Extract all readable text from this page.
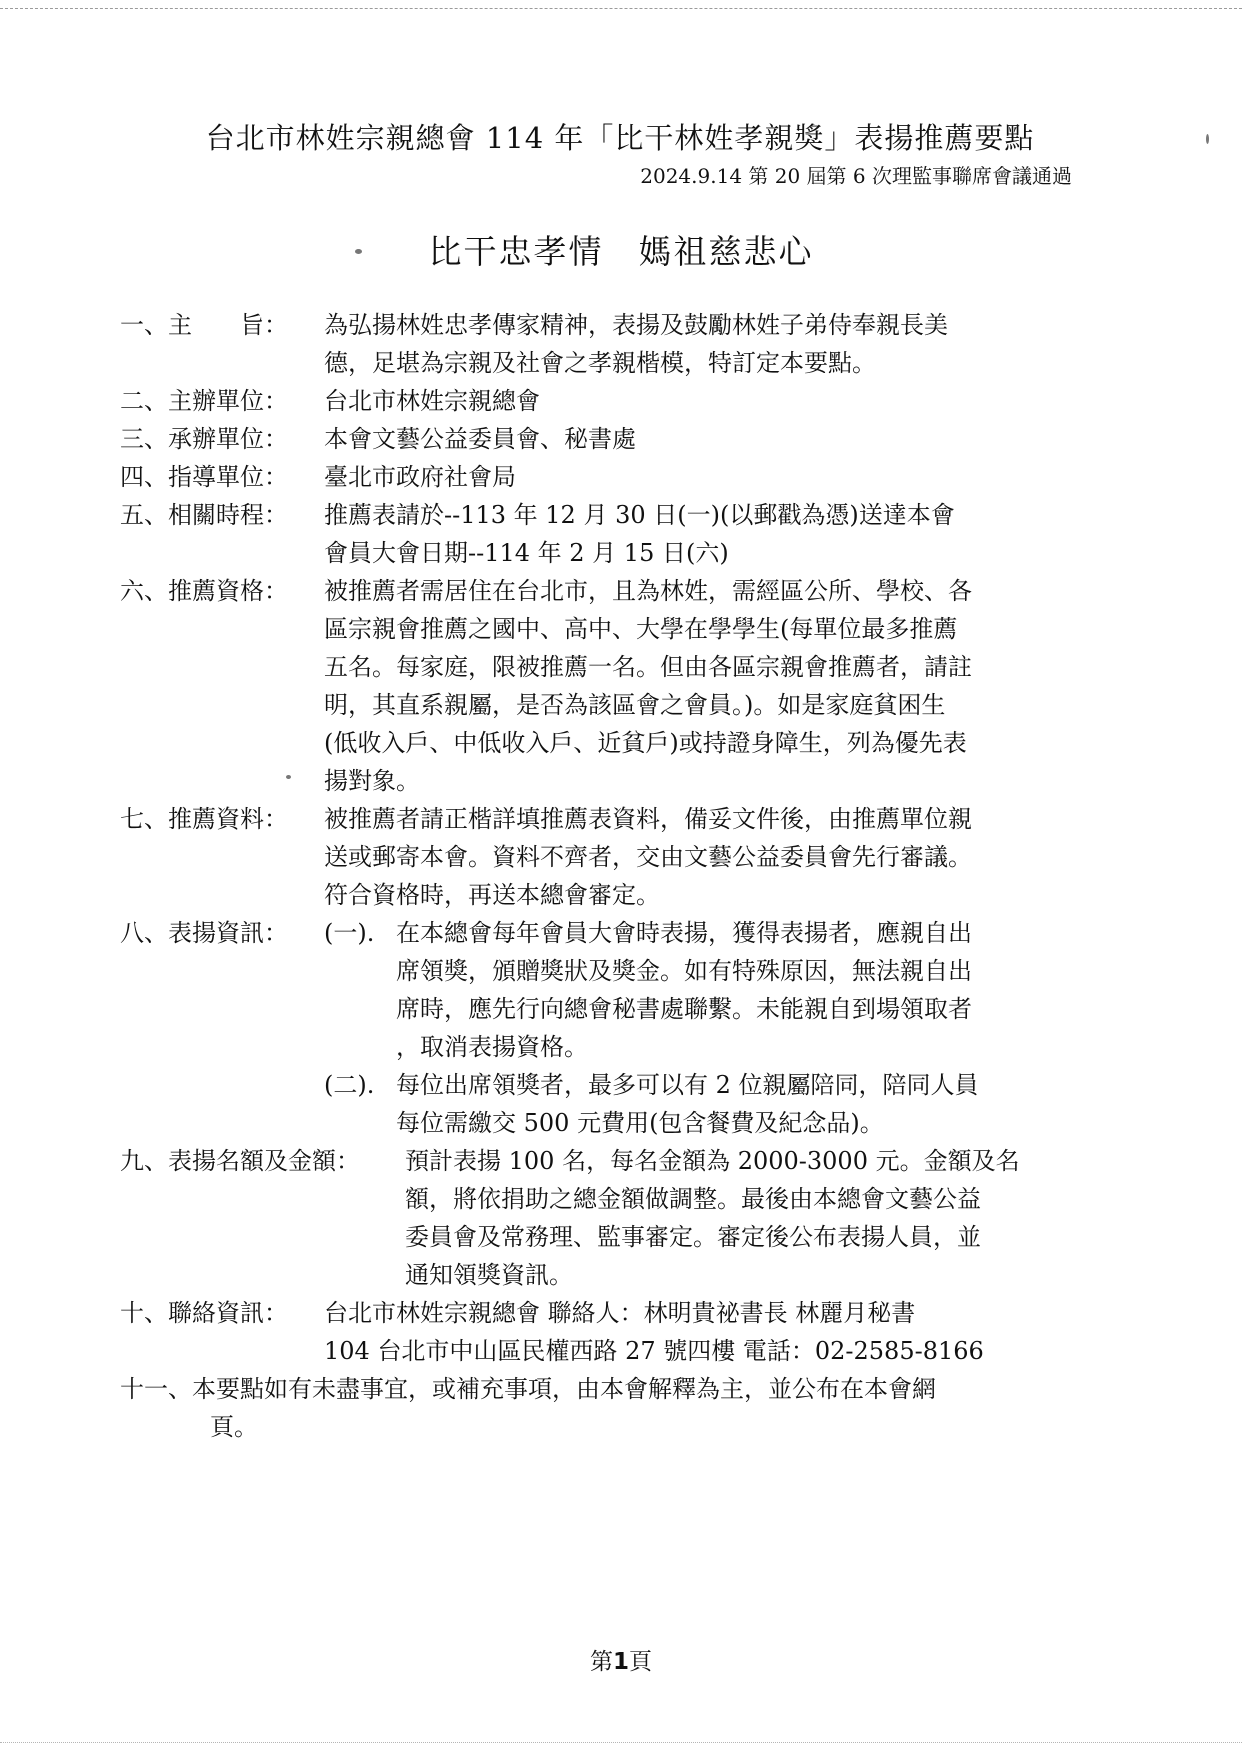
台北市林姓宗親總會 114 年「比干林姓孝親獎」表揚推薦要點
2024.9.14 第 20 屆第 6 次理監事聯席會議通過
比干忠孝情　媽祖慈悲心
一、主　　旨：	為弘揚林姓忠孝傳家精神，表揚及鼓勵林姓子弟侍奉親長美
德，足堪為宗親及社會之孝親楷模，特訂定本要點。
二、主辦單位：	台北市林姓宗親總會
三、承辦單位：	本會文藝公益委員會、秘書處
四、指導單位：	臺北市政府社會局
五、相關時程：	推薦表請於--113 年 12 月 30 日(一)(以郵戳為憑)送達本會
會員大會日期--114 年 2 月 15 日(六)
六、推薦資格：	被推薦者需居住在台北市，且為林姓，需經區公所、學校、各
區宗親會推薦之國中、高中、大學在學學生(每單位最多推薦
五名。每家庭，限被推薦一名。但由各區宗親會推薦者，請註
明，其直系親屬，是否為該區會之會員。)。如是家庭貧困生
(低收入戶、中低收入戶、近貧戶)或持證身障生，列為優先表
揚對象。
七、推薦資料：	被推薦者請正楷詳填推薦表資料，備妥文件後，由推薦單位親
送或郵寄本會。資料不齊者，交由文藝公益委員會先行審議。
符合資格時，再送本總會審定。
八、表揚資訊：	(一). 在本總會每年會員大會時表揚，獲得表揚者，應親自出
席領獎，頒贈獎狀及獎金。如有特殊原因，無法親自出
席時，應先行向總會秘書處聯繫。未能親自到場領取者
，取消表揚資格。
(二). 每位出席領獎者，最多可以有 2 位親屬陪同，陪同人員
每位需繳交 500 元費用(包含餐費及紀念品)。
九、表揚名額及金額：	預計表揚 100 名，每名金額為 2000-3000 元。金額及名
額，將依捐助之總金額做調整。最後由本總會文藝公益
委員會及常務理、監事審定。審定後公布表揚人員，並
通知領獎資訊。
十、聯絡資訊：	台北市林姓宗親總會 聯絡人：林明貴祕書長 林麗月秘書
104 台北市中山區民權西路 27 號四樓 電話：02-2585-8166
十一、 本要點如有未盡事宜，或補充事項，由本會解釋為主，並公布在本會網
頁。
第1頁
